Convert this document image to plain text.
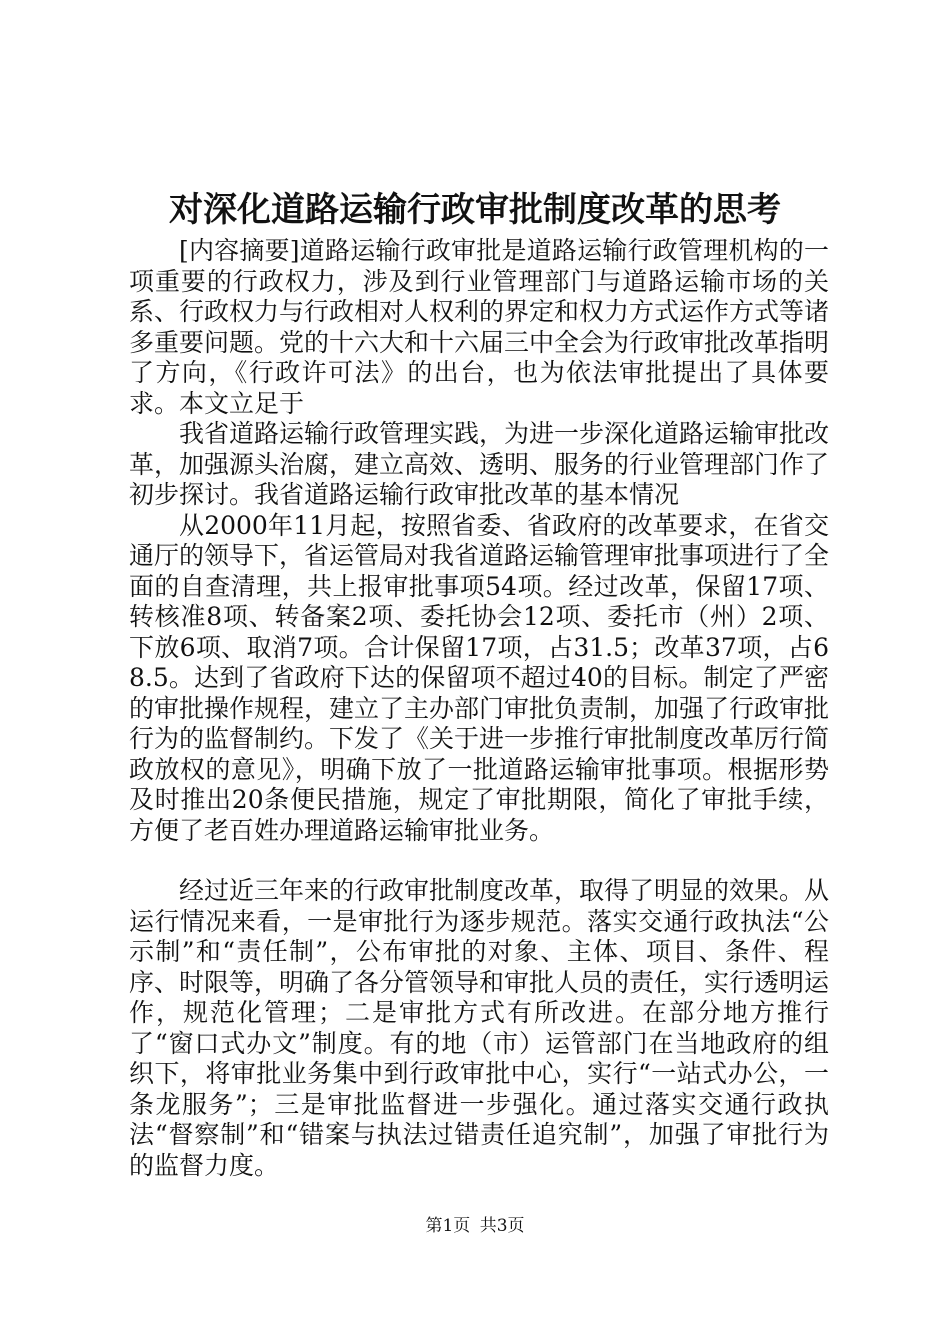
对深化道路运输行政审批制度改革的思考

[内容摘要]道路运输行政审批是道路运输行政管理机构的一项重要的行政权力，涉及到行业管理部门与道路运输市场的关系、行政权力与行政相对人权利的界定和权力方式运作方式等诸多重要问题。党的十六大和十六届三中全会为行政审批改革指明了方向，《行政许可法》的出台，也为依法审批提出了具体要求。本文立足于

我省道路运输行政管理实践，为进一步深化道路运输审批改革，加强源头治腐，建立高效、透明、服务的行业管理部门作了初步探讨。我省道路运输行政审批改革的基本情况

从2000年11月起，按照省委、省政府的改革要求，在省交通厅的领导下，省运管局对我省道路运输管理审批事项进行了全面的自查清理，共上报审批事项54项。经过改革，保留17项、转核准8项、转备案2项、委托协会12项、委托市（州）2项、下放6项、取消7项。合计保留17项，占31.5；改革37项，占68.5。达到了省政府下达的保留项不超过40的目标。制定了严密的审批操作规程，建立了主办部门审批负责制，加强了行政审批行为的监督制约。下发了《关于进一步推行审批制度改革厉行简政放权的意见》，明确下放了一批道路运输审批事项。根据形势及时推出20条便民措施，规定了审批期限，简化了审批手续，方便了老百姓办理道路运输审批业务。

经过近三年来的行政审批制度改革，取得了明显的效果。从运行情况来看，一是审批行为逐步规范。落实交通行政执法“公示制”和“责任制”，公布审批的对象、主体、项目、条件、程序、时限等，明确了各分管领导和审批人员的责任，实行透明运作，规范化管理；二是审批方式有所改进。在部分地方推行了“窗口式办文”制度。有的地（市）运管部门在当地政府的组织下，将审批业务集中到行政审批中心，实行“一站式办公，一条龙服务”；三是审批监督进一步强化。通过落实交通行政执法“督察制”和“错案与执法过错责任追究制”，加强了审批行为的监督力度。

第1页 共3页
